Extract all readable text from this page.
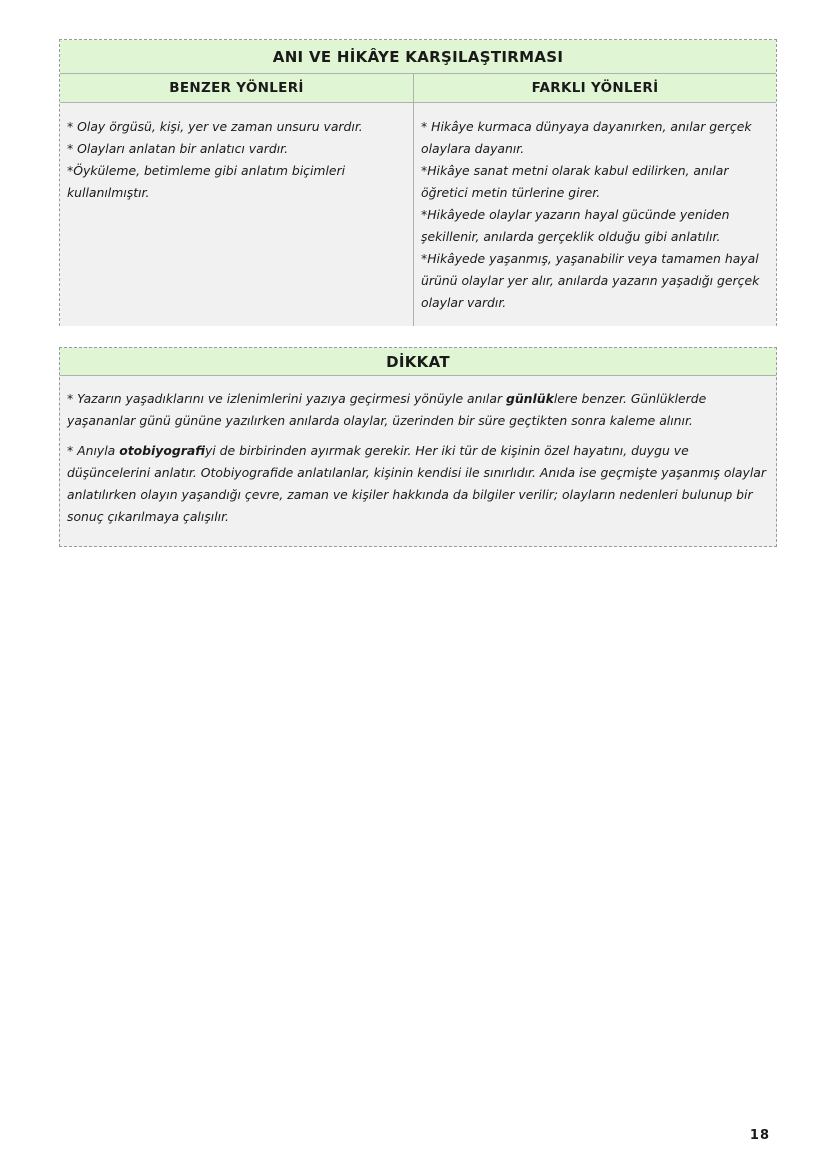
ANI VE HİKÂYE KARŞILAŞTIRMASI
BENZER YÖNLERİ	FARKLI YÖNLERİ

* Olay örgüsü, kişi, yer ve zaman unsuru vardır.

* Olayları anlatan bir anlatıcı vardır.

*Öyküleme, betimleme gibi anlatım biçimleri kullanılmıştır.

* Hikâye kurmaca dünyaya dayanırken, anılar gerçek olaylara dayanır.

*Hikâye sanat metni olarak kabul edilirken, anılar öğretici metin türlerine girer.

*Hikâyede olaylar yazarın hayal gücünde yeniden şekillenir, anılarda gerçeklik olduğu gibi anlatılır.

*Hikâyede yaşanmış, yaşanabilir veya tamamen hayal ürünü olaylar yer alır, anılarda yazarın yaşadığı gerçek olaylar vardır.

DİKKAT

* Yazarın yaşadıklarını ve izlenimlerini yazıya geçirmesi yönüyle anılar günlüklere benzer. Günlüklerde yaşananlar günü gününe yazılırken anılarda olaylar, üzerinden bir süre geçtikten sonra kaleme alınır.

* Anıyla otobiyografiyi de birbirinden ayırmak gerekir. Her iki tür de kişinin özel hayatını, duygu ve düşüncelerini anlatır. Otobiyografide anlatılanlar, kişinin kendisi ile sınırlıdır. Anıda ise geçmişte yaşanmış olaylar anlatılırken olayın yaşandığı çevre, zaman ve kişiler hakkında da bilgiler verilir; olayların nedenleri bulunup bir sonuç çıkarılmaya çalışılır.

18
